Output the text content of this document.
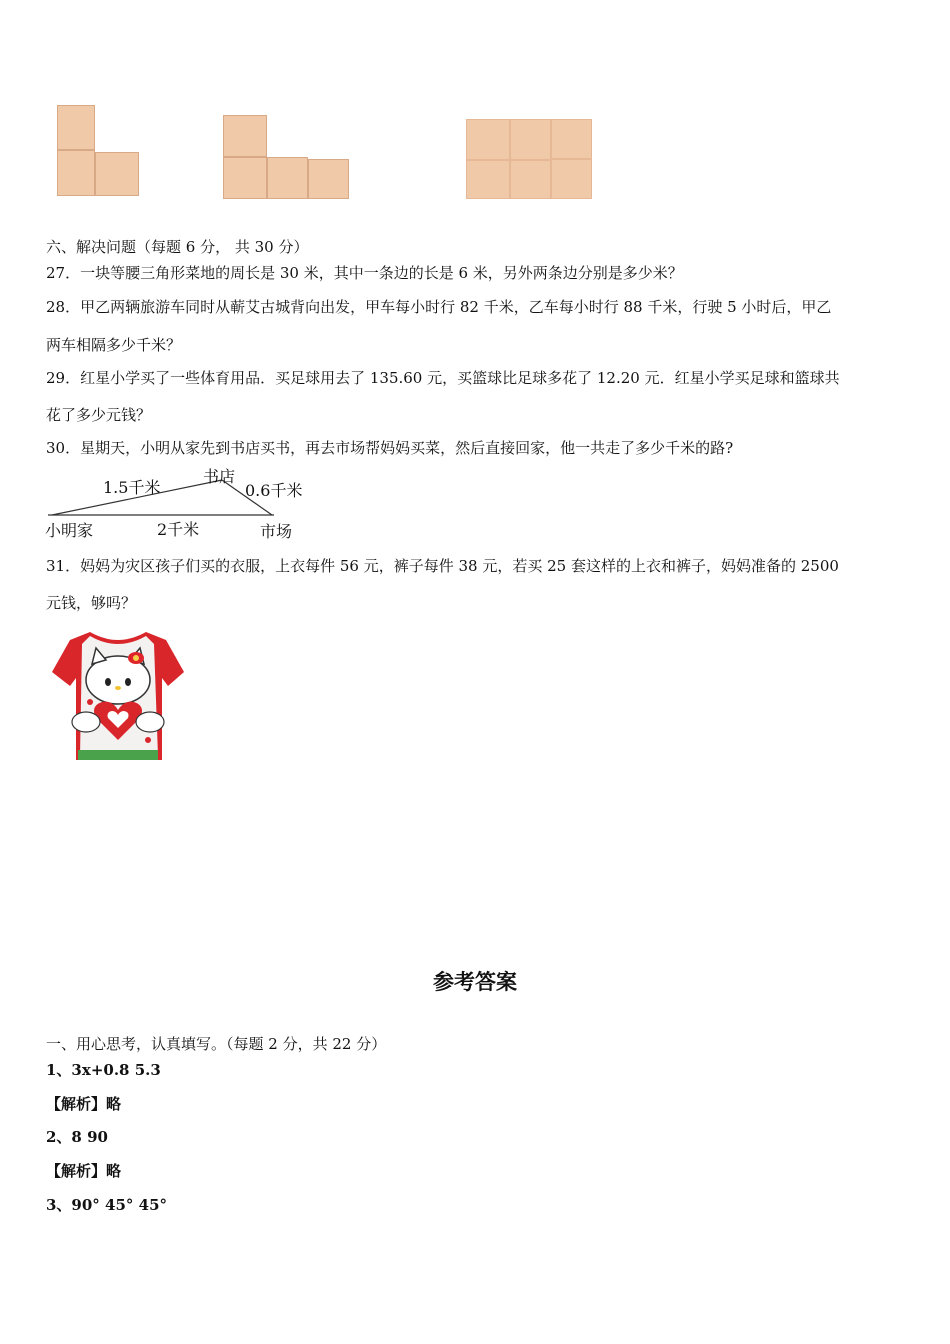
六、解决问题（每题 6 分， 共 30 分）
27．一块等腰三角形菜地的周长是 30 米，其中一条边的长是 6 米，另外两条边分别是多少米？
28．甲乙两辆旅游车同时从蕲艾古城背向出发，甲车每小时行 82 千米，乙车每小时行 88 千米，行驶 5 小时后，甲乙
两车相隔多少千米？
29．红星小学买了一些体育用品．买足球用去了 135.60 元，买篮球比足球多花了 12.20 元．红星小学买足球和篮球共
花了多少元钱？
30．星期天，小明从家先到书店买书，再去市场帮妈妈买菜，然后直接回家，他一共走了多少千米的路?
1.5千米
书店
0.6千米
小明家	2千米	市场
31．妈妈为灾区孩子们买的衣服，上衣每件 56 元，裤子每件 38 元，若买 25 套这样的上衣和裤子，妈妈准备的 2500
元钱，够吗？
参考答案
一、用心思考，认真填写。（每题 2 分，共 22 分）
1、3x+0.8 5.3
【解析】略
2、8 90
【解析】略
3、90° 45° 45°
